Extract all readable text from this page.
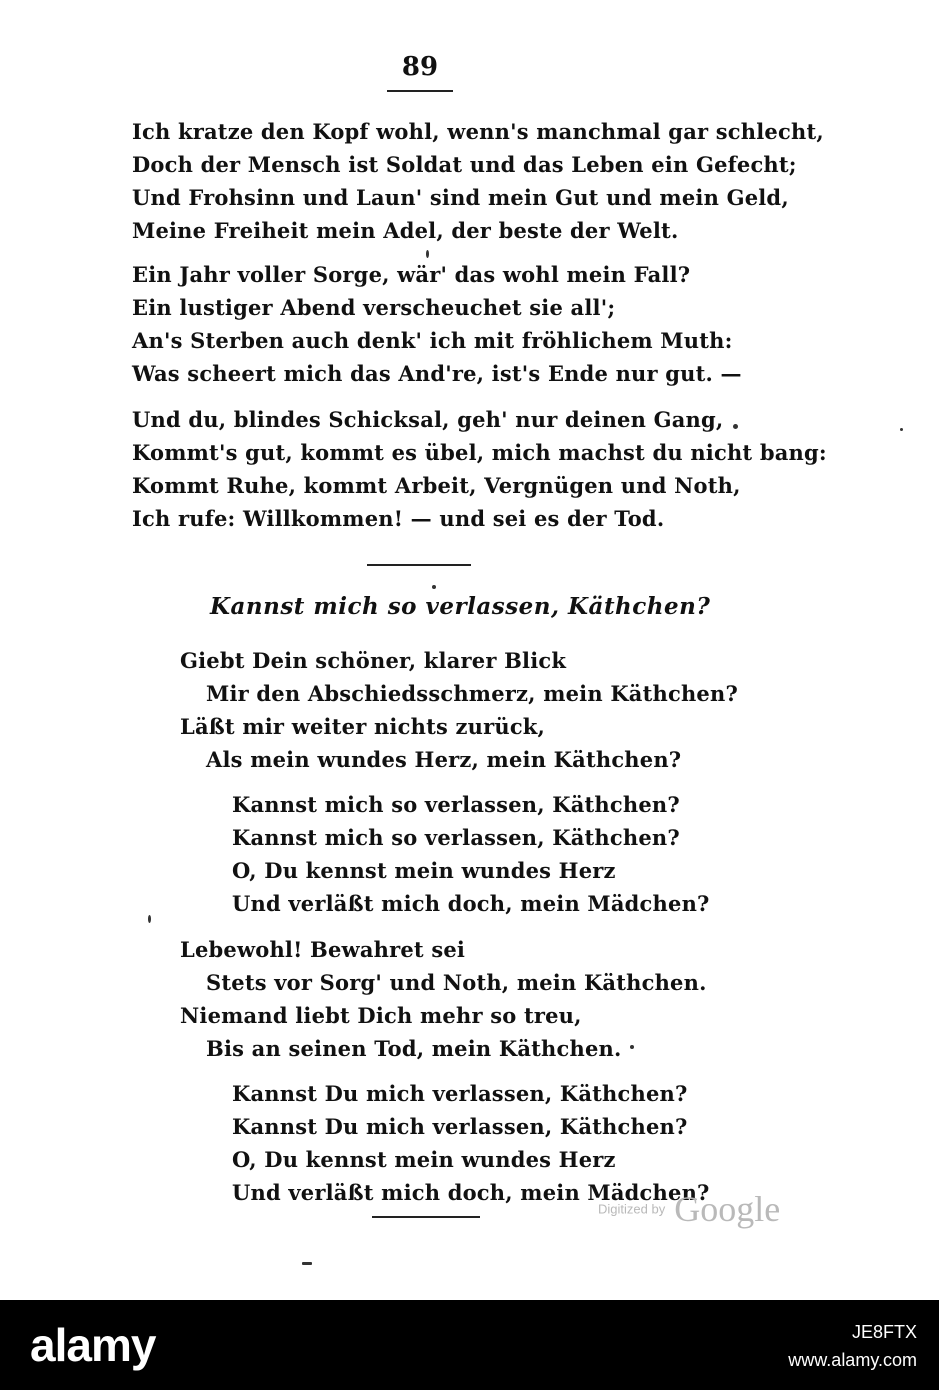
89
Ich kratze den Kopf wohl, wenn's manchmal gar schlecht,
Doch der Mensch ist Soldat und das Leben ein Gefecht;
Und Frohsinn und Laun' sind mein Gut und mein Geld,
Meine Freiheit mein Adel, der beste der Welt.
Ein Jahr voller Sorge, wär' das wohl mein Fall?
Ein lustiger Abend verscheuchet sie all';
An's Sterben auch denk' ich mit fröhlichem Muth:
Was scheert mich das And're, ist's Ende nur gut. —
Und du, blindes Schicksal, geh' nur deinen Gang,
Kommt's gut, kommt es übel, mich machst du nicht bang:
Kommt Ruhe, kommt Arbeit, Vergnügen und Noth,
Ich rufe: Willkommen! — und sei es der Tod.
Kannst mich so verlassen, Käthchen?
Giebt Dein schöner, klarer Blick
Mir den Abschiedsschmerz, mein Käthchen?
Läßt mir weiter nichts zurück,
Als mein wundes Herz, mein Käthchen?
Kannst mich so verlassen, Käthchen?
Kannst mich so verlassen, Käthchen?
O, Du kennst mein wundes Herz
Und verläßt mich doch, mein Mädchen?
Lebewohl! Bewahret sei
Stets vor Sorg' und Noth, mein Käthchen.
Niemand liebt Dich mehr so treu,
Bis an seinen Tod, mein Käthchen.
Kannst Du mich verlassen, Käthchen?
Kannst Du mich verlassen, Käthchen?
O, Du kennst mein wundes Herz
Und verläßt mich doch, mein Mädchen?
Digitized by Google
alamy	JE8FTX
www.alamy.com
